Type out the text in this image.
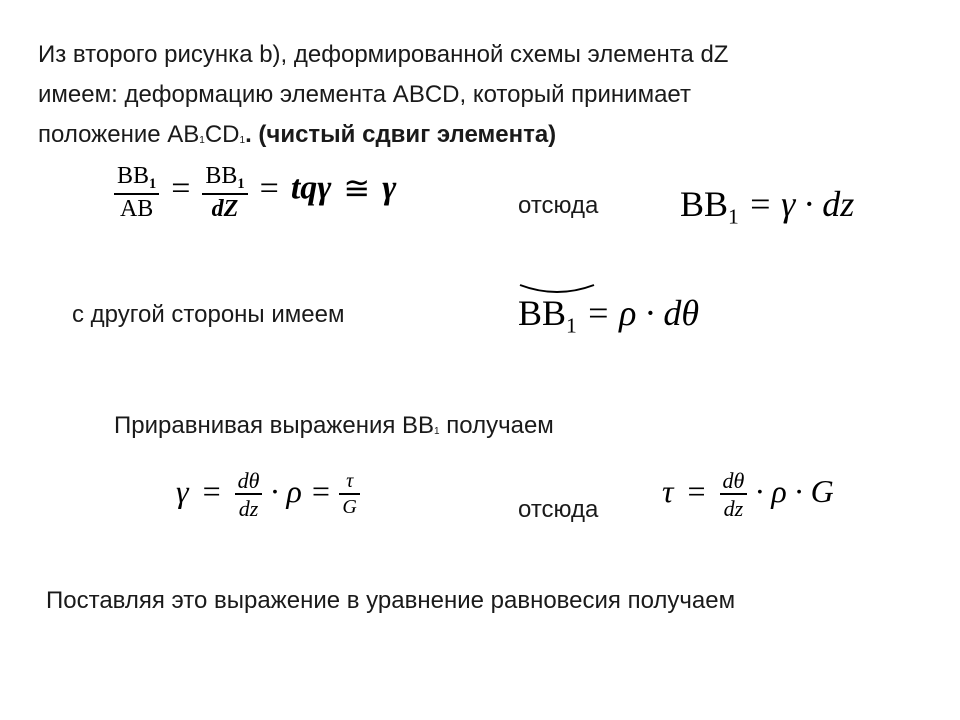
Из второго рисунка b), деформированной схемы элемента dZ
имеем: деформацию элемента ABCD, который принимает
положение AB1CD1. (чистый сдвиг элемента)
$\frac{BB_1}{AB} = \frac{BB_1}{dZ} = tq\gamma$ ≅ γ	отсюда $BB_1 = \gamma$ · dz
с другой стороны имеем	$BB_1 = \rho \cdot d\theta$
Приравнивая выражения BB1 получаем
$\gamma = \frac{d\theta}{dz} \cdot \rho = \frac{\tau}{G}$	отсюда
$\tau = \frac{d\theta}{dz} \cdot \rho \cdot G$
Поставляя это выражение в уравнение равновесия получаем
